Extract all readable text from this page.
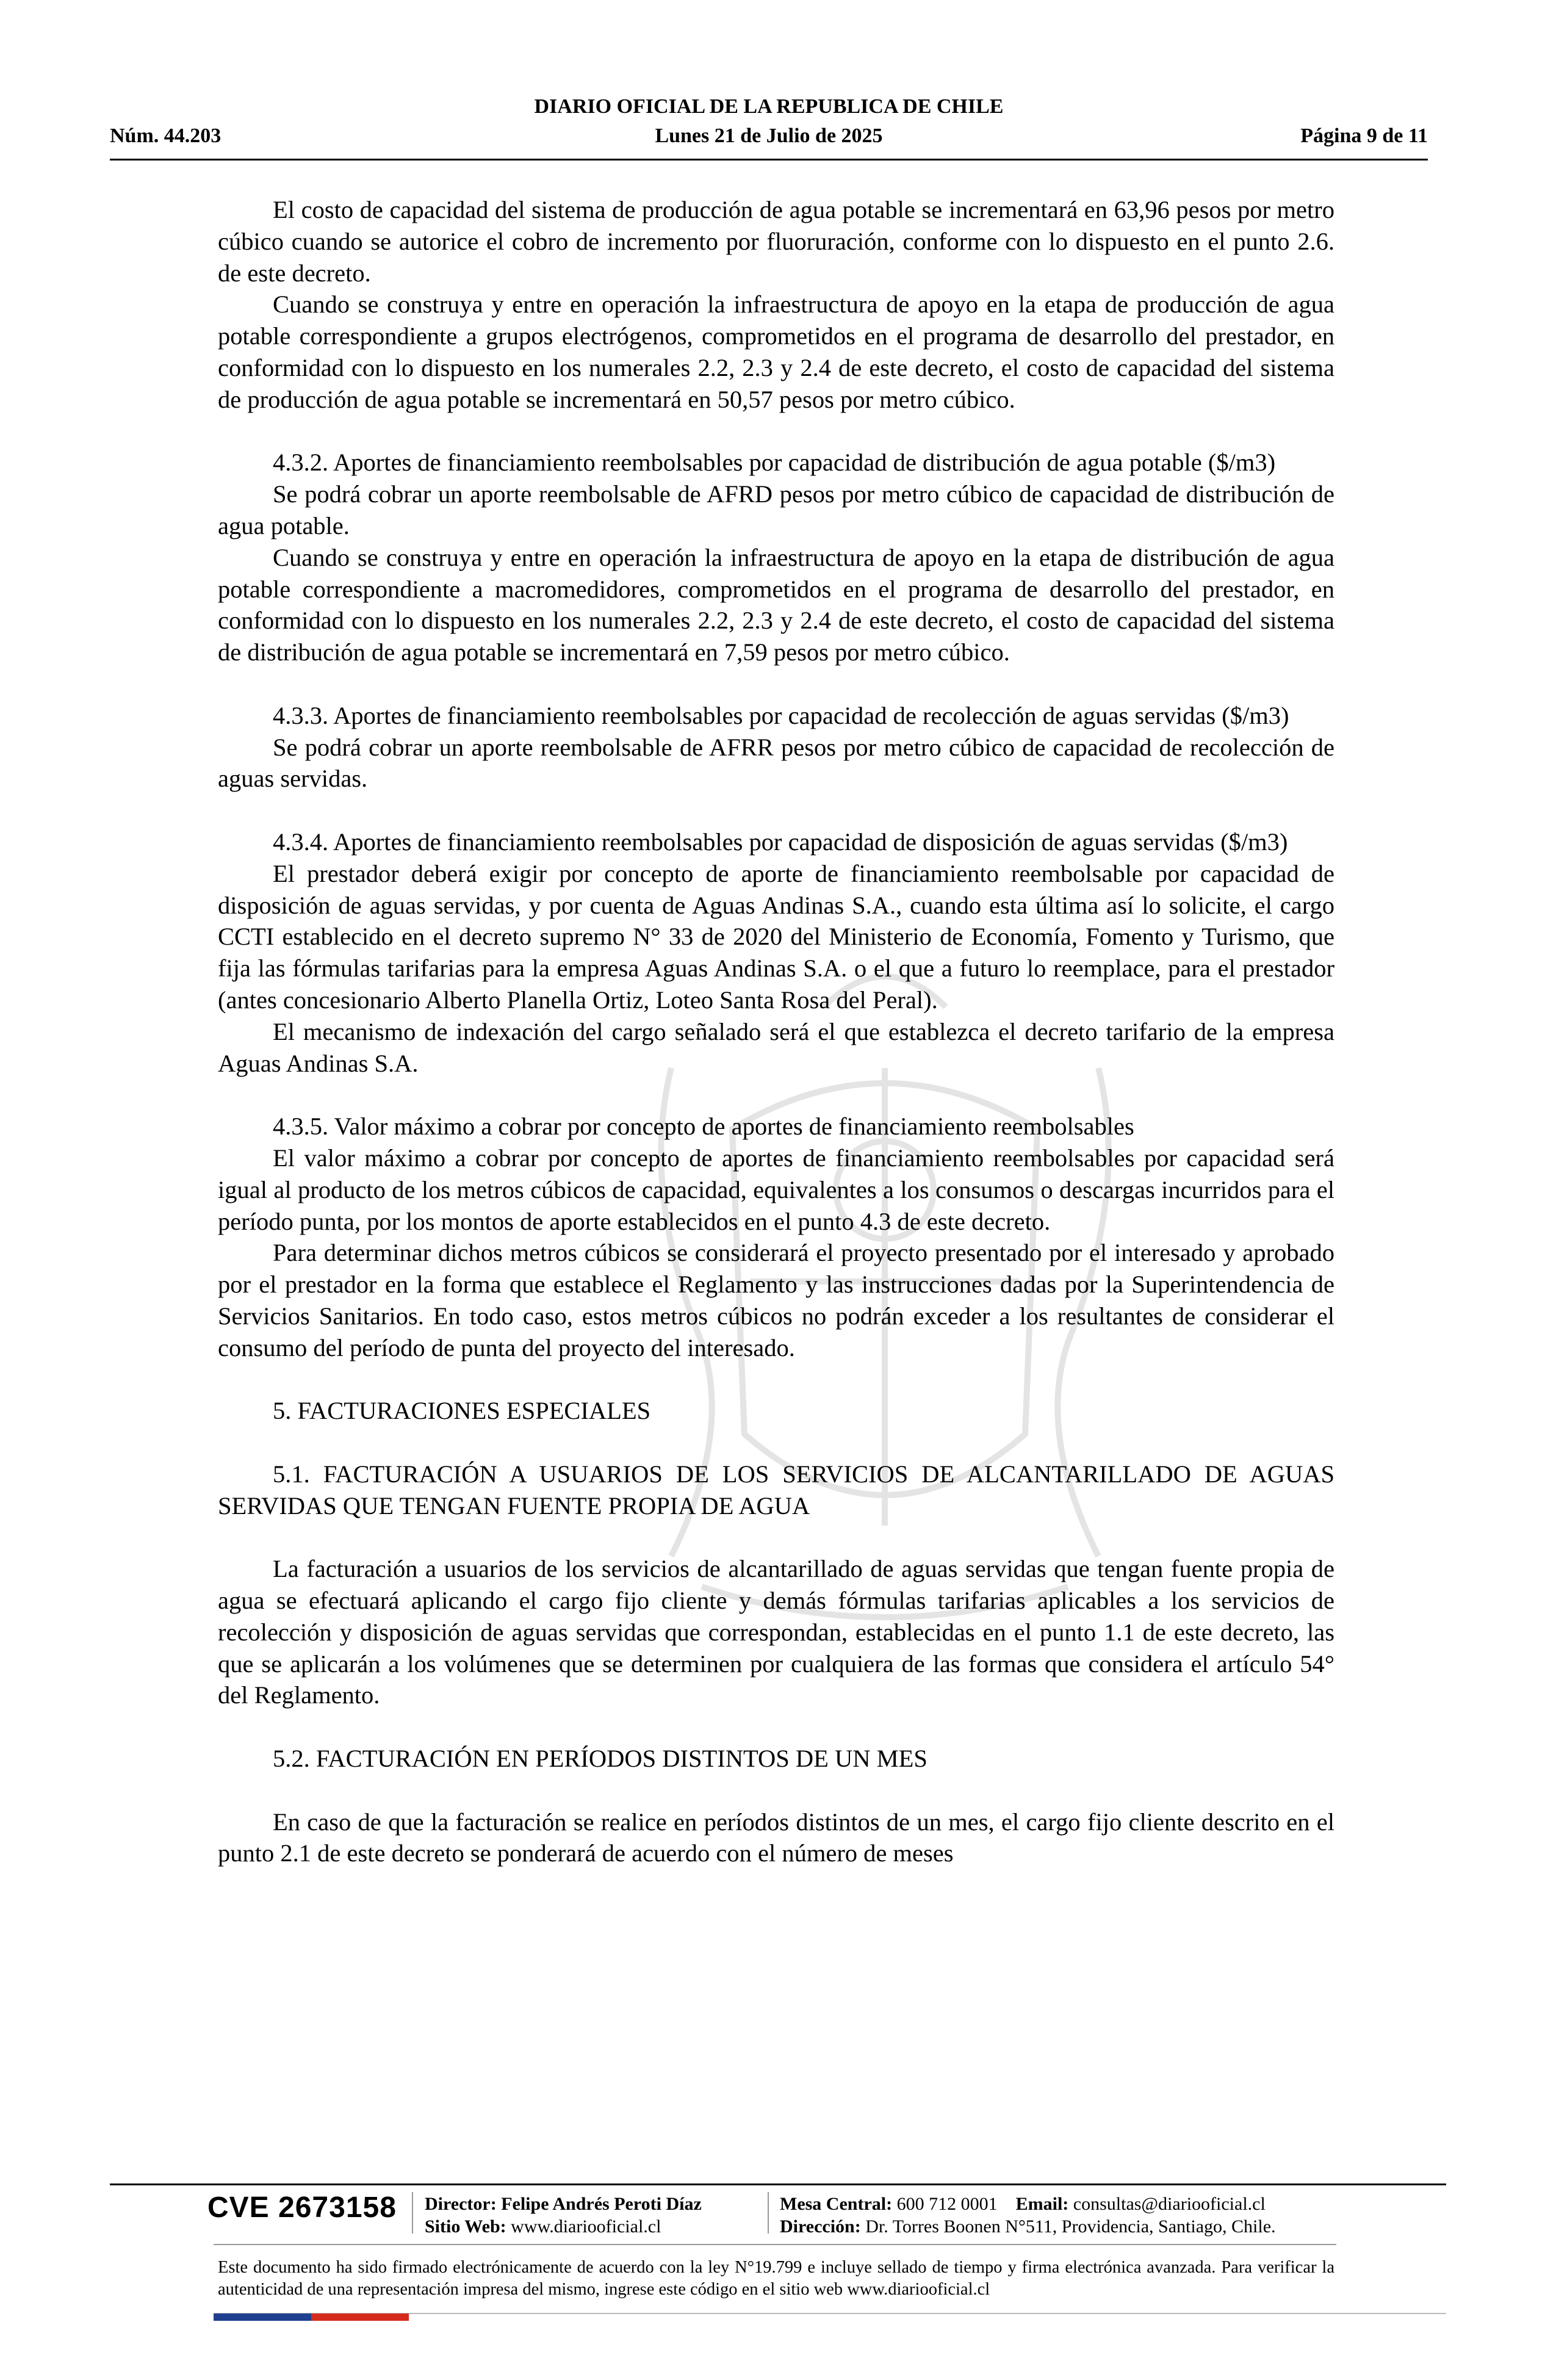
DIARIO OFICIAL DE LA REPUBLICA DE CHILE
Núm. 44.203	Lunes 21 de Julio de 2025	Página 9 de 11

El costo de capacidad del sistema de producción de agua potable se incrementará en 63,96 pesos por metro cúbico cuando se autorice el cobro de incremento por fluoruración, conforme con lo dispuesto en el punto 2.6. de este decreto.

Cuando se construya y entre en operación la infraestructura de apoyo en la etapa de producción de agua potable correspondiente a grupos electrógenos, comprometidos en el programa de desarrollo del prestador, en conformidad con lo dispuesto en los numerales 2.2, 2.3 y 2.4 de este decreto, el costo de capacidad del sistema de producción de agua potable se incrementará en 50,57 pesos por metro cúbico.

4.3.2. Aportes de financiamiento reembolsables por capacidad de distribución de agua potable ($/m3)

Se podrá cobrar un aporte reembolsable de AFRD pesos por metro cúbico de capacidad de distribución de agua potable.

Cuando se construya y entre en operación la infraestructura de apoyo en la etapa de distribución de agua potable correspondiente a macromedidores, comprometidos en el programa de desarrollo del prestador, en conformidad con lo dispuesto en los numerales 2.2, 2.3 y 2.4 de este decreto, el costo de capacidad del sistema de distribución de agua potable se incrementará en 7,59 pesos por metro cúbico.

4.3.3. Aportes de financiamiento reembolsables por capacidad de recolección de aguas servidas ($/m3)

Se podrá cobrar un aporte reembolsable de AFRR pesos por metro cúbico de capacidad de recolección de aguas servidas.

4.3.4. Aportes de financiamiento reembolsables por capacidad de disposición de aguas servidas ($/m3)

El prestador deberá exigir por concepto de aporte de financiamiento reembolsable por capacidad de disposición de aguas servidas, y por cuenta de Aguas Andinas S.A., cuando esta última así lo solicite, el cargo CCTI establecido en el decreto supremo N° 33 de 2020 del Ministerio de Economía, Fomento y Turismo, que fija las fórmulas tarifarias para la empresa Aguas Andinas S.A. o el que a futuro lo reemplace, para el prestador (antes concesionario Alberto Planella Ortiz, Loteo Santa Rosa del Peral).

El mecanismo de indexación del cargo señalado será el que establezca el decreto tarifario de la empresa Aguas Andinas S.A.

4.3.5. Valor máximo a cobrar por concepto de aportes de financiamiento reembolsables

El valor máximo a cobrar por concepto de aportes de financiamiento reembolsables por capacidad será igual al producto de los metros cúbicos de capacidad, equivalentes a los consumos o descargas incurridos para el período punta, por los montos de aporte establecidos en el punto 4.3 de este decreto.

Para determinar dichos metros cúbicos se considerará el proyecto presentado por el interesado y aprobado por el prestador en la forma que establece el Reglamento y las instrucciones dadas por la Superintendencia de Servicios Sanitarios. En todo caso, estos metros cúbicos no podrán exceder a los resultantes de considerar el consumo del período de punta del proyecto del interesado.

5. FACTURACIONES ESPECIALES

5.1. FACTURACIÓN A USUARIOS DE LOS SERVICIOS DE ALCANTARILLADO DE AGUAS SERVIDAS QUE TENGAN FUENTE PROPIA DE AGUA

La facturación a usuarios de los servicios de alcantarillado de aguas servidas que tengan fuente propia de agua se efectuará aplicando el cargo fijo cliente y demás fórmulas tarifarias aplicables a los servicios de recolección y disposición de aguas servidas que correspondan, establecidas en el punto 1.1 de este decreto, las que se aplicarán a los volúmenes que se determinen por cualquiera de las formas que considera el artículo 54° del Reglamento.

5.2. FACTURACIÓN EN PERÍODOS DISTINTOS DE UN MES

En caso de que la facturación se realice en períodos distintos de un mes, el cargo fijo cliente descrito en el punto 2.1 de este decreto se ponderará de acuerdo con el número de meses

CVE 2673158 Director: Felipe Andrés Peroti Díaz
Sitio Web: www.diariooficial.cl
Mesa Central: 600 712 0001 Email: consultas@diariooficial.cl
Dirección: Dr. Torres Boonen N°511, Providencia, Santiago, Chile.
Este documento ha sido firmado electrónicamente de acuerdo con la ley N°19.799 e incluye sellado de tiempo y firma electrónica avanzada. Para verificar la autenticidad de una representación impresa del mismo, ingrese este código en el sitio web www.diariooficial.cl
